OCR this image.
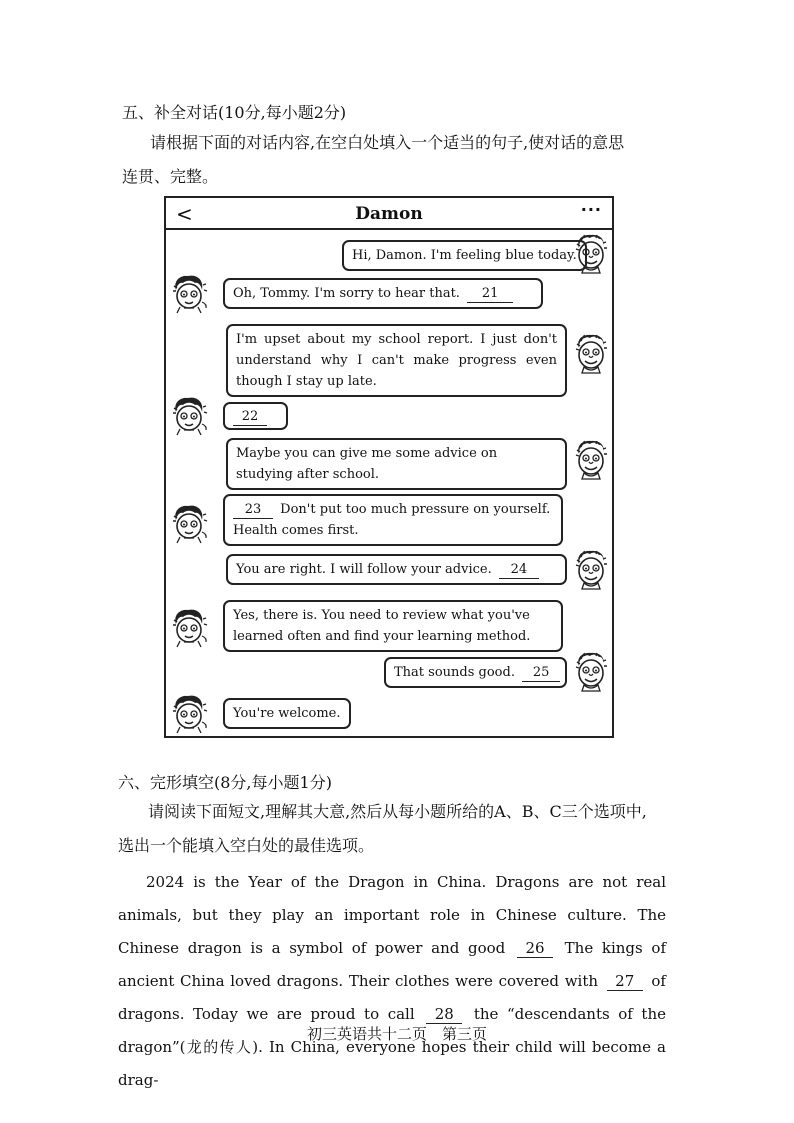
五、补全对话(10分,每小题2分)
请根据下面的对话内容,在空白处填入一个适当的句子,使对话的意思
连贯、完整。
<	Damon	···
Hi, Damon. I'm feeling blue today.
Oh, Tommy. I'm sorry to hear that. 21
I'm upset about my school report. I just don't understand why I can't make progress even though I stay up late.
22
Maybe you can give me some advice on studying after school.
23 Don't put too much pressure on yourself. Health comes first.
You are right. I will follow your advice. 24
Yes, there is. You need to review what you've learned often and find your learning method.
That sounds good. 25
You're welcome.
六、完形填空(8分,每小题1分)
请阅读下面短文,理解其大意,然后从每小题所给的A、B、C三个选项中,
选出一个能填入空白处的最佳选项。
2024 is the Year of the Dragon in China. Dragons are not real animals, but they play an important role in Chinese culture. The Chinese dragon is a symbol of power and good 26 The kings of ancient China loved dragons. Their clothes were covered with 27 of dragons. Today we are proud to call 28 the “descendants of the dragon”(龙的传人). In China, everyone hopes their child will become a drag-
初三英语共十二页　第三页
